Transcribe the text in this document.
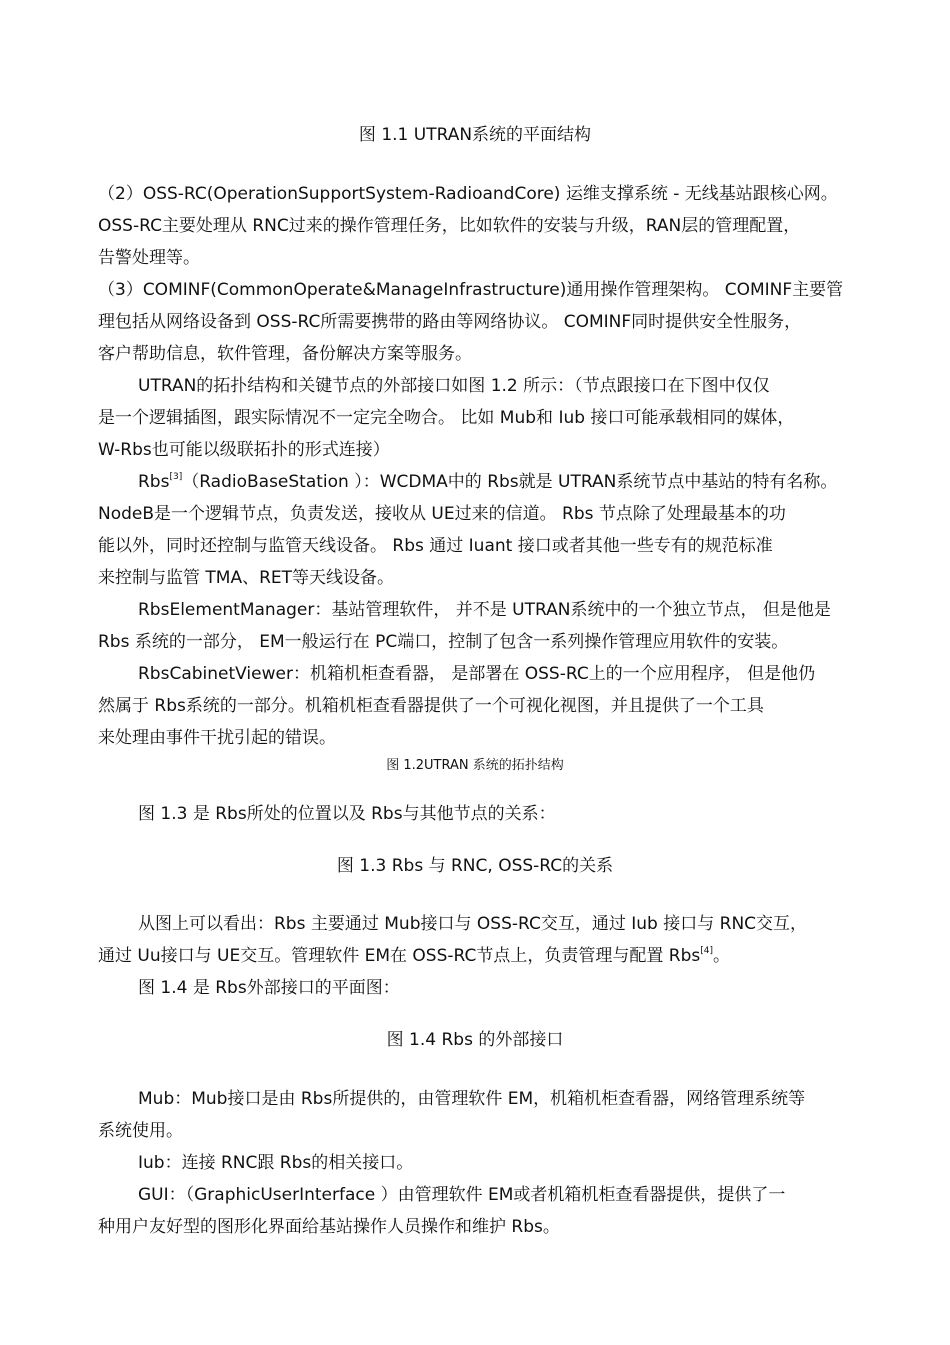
图 1.1 UTRAN系统的平面结构

（2）OSS-RC(OperationSupportSystem-RadioandCore) 运维支撑系统 - 无线基站跟核心网。
OSS-RC主要处理从 RNC过来的操作管理任务，比如软件的安装与升级，RAN层的管理配置，
告警处理等。

（3）COMINF(CommonOperate&ManageInfrastructure)通用操作管理架构。 COMINF主要管
理包括从网络设备到 OSS-RC所需要携带的路由等网络协议。 COMINF同时提供安全性服务，
客户帮助信息，软件管理，备份解决方案等服务。

UTRAN的拓扑结构和关键节点的外部接口如图 1.2 所示：（节点跟接口在下图中仅仅
是一个逻辑插图，跟实际情况不一定完全吻合。 比如 Mub和 Iub 接口可能承载相同的媒体，
W-Rbs也可能以级联拓扑的形式连接）

Rbs[3]（RadioBaseStation ）：WCDMA中的 Rbs就是 UTRAN系统节点中基站的特有名称。
NodeB是一个逻辑节点，负责发送，接收从 UE过来的信道。 Rbs 节点除了处理最基本的功
能以外，同时还控制与监管天线设备。 Rbs 通过 Iuant 接口或者其他一些专有的规范标准
来控制与监管 TMA、RET等天线设备。

RbsElementManager：基站管理软件， 并不是 UTRAN系统中的一个独立节点， 但是他是
Rbs 系统的一部分， EM一般运行在 PC端口，控制了包含一系列操作管理应用软件的安装。

RbsCabinetViewer：机箱机柜查看器， 是部署在 OSS-RC上的一个应用程序， 但是他仍
然属于 Rbs系统的一部分。机箱机柜查看器提供了一个可视化视图，并且提供了一个工具
来处理由事件干扰引起的错误。

图 1.2UTRAN 系统的拓扑结构

图 1.3 是 Rbs所处的位置以及 Rbs与其他节点的关系：

图 1.3 Rbs 与 RNC, OSS-RC的关系

从图上可以看出：Rbs 主要通过 Mub接口与 OSS-RC交互，通过 Iub 接口与 RNC交互，
通过 Uu接口与 UE交互。管理软件 EM在 OSS-RC节点上，负责管理与配置 Rbs[4]。

图 1.4 是 Rbs外部接口的平面图：

图 1.4 Rbs 的外部接口

Mub：Mub接口是由 Rbs所提供的，由管理软件 EM，机箱机柜查看器，网络管理系统等
系统使用。

Iub：连接 RNC跟 Rbs的相关接口。

GUI：（GraphicUserInterface ）由管理软件 EM或者机箱机柜查看器提供，提供了一
种用户友好型的图形化界面给基站操作人员操作和维护 Rbs。
